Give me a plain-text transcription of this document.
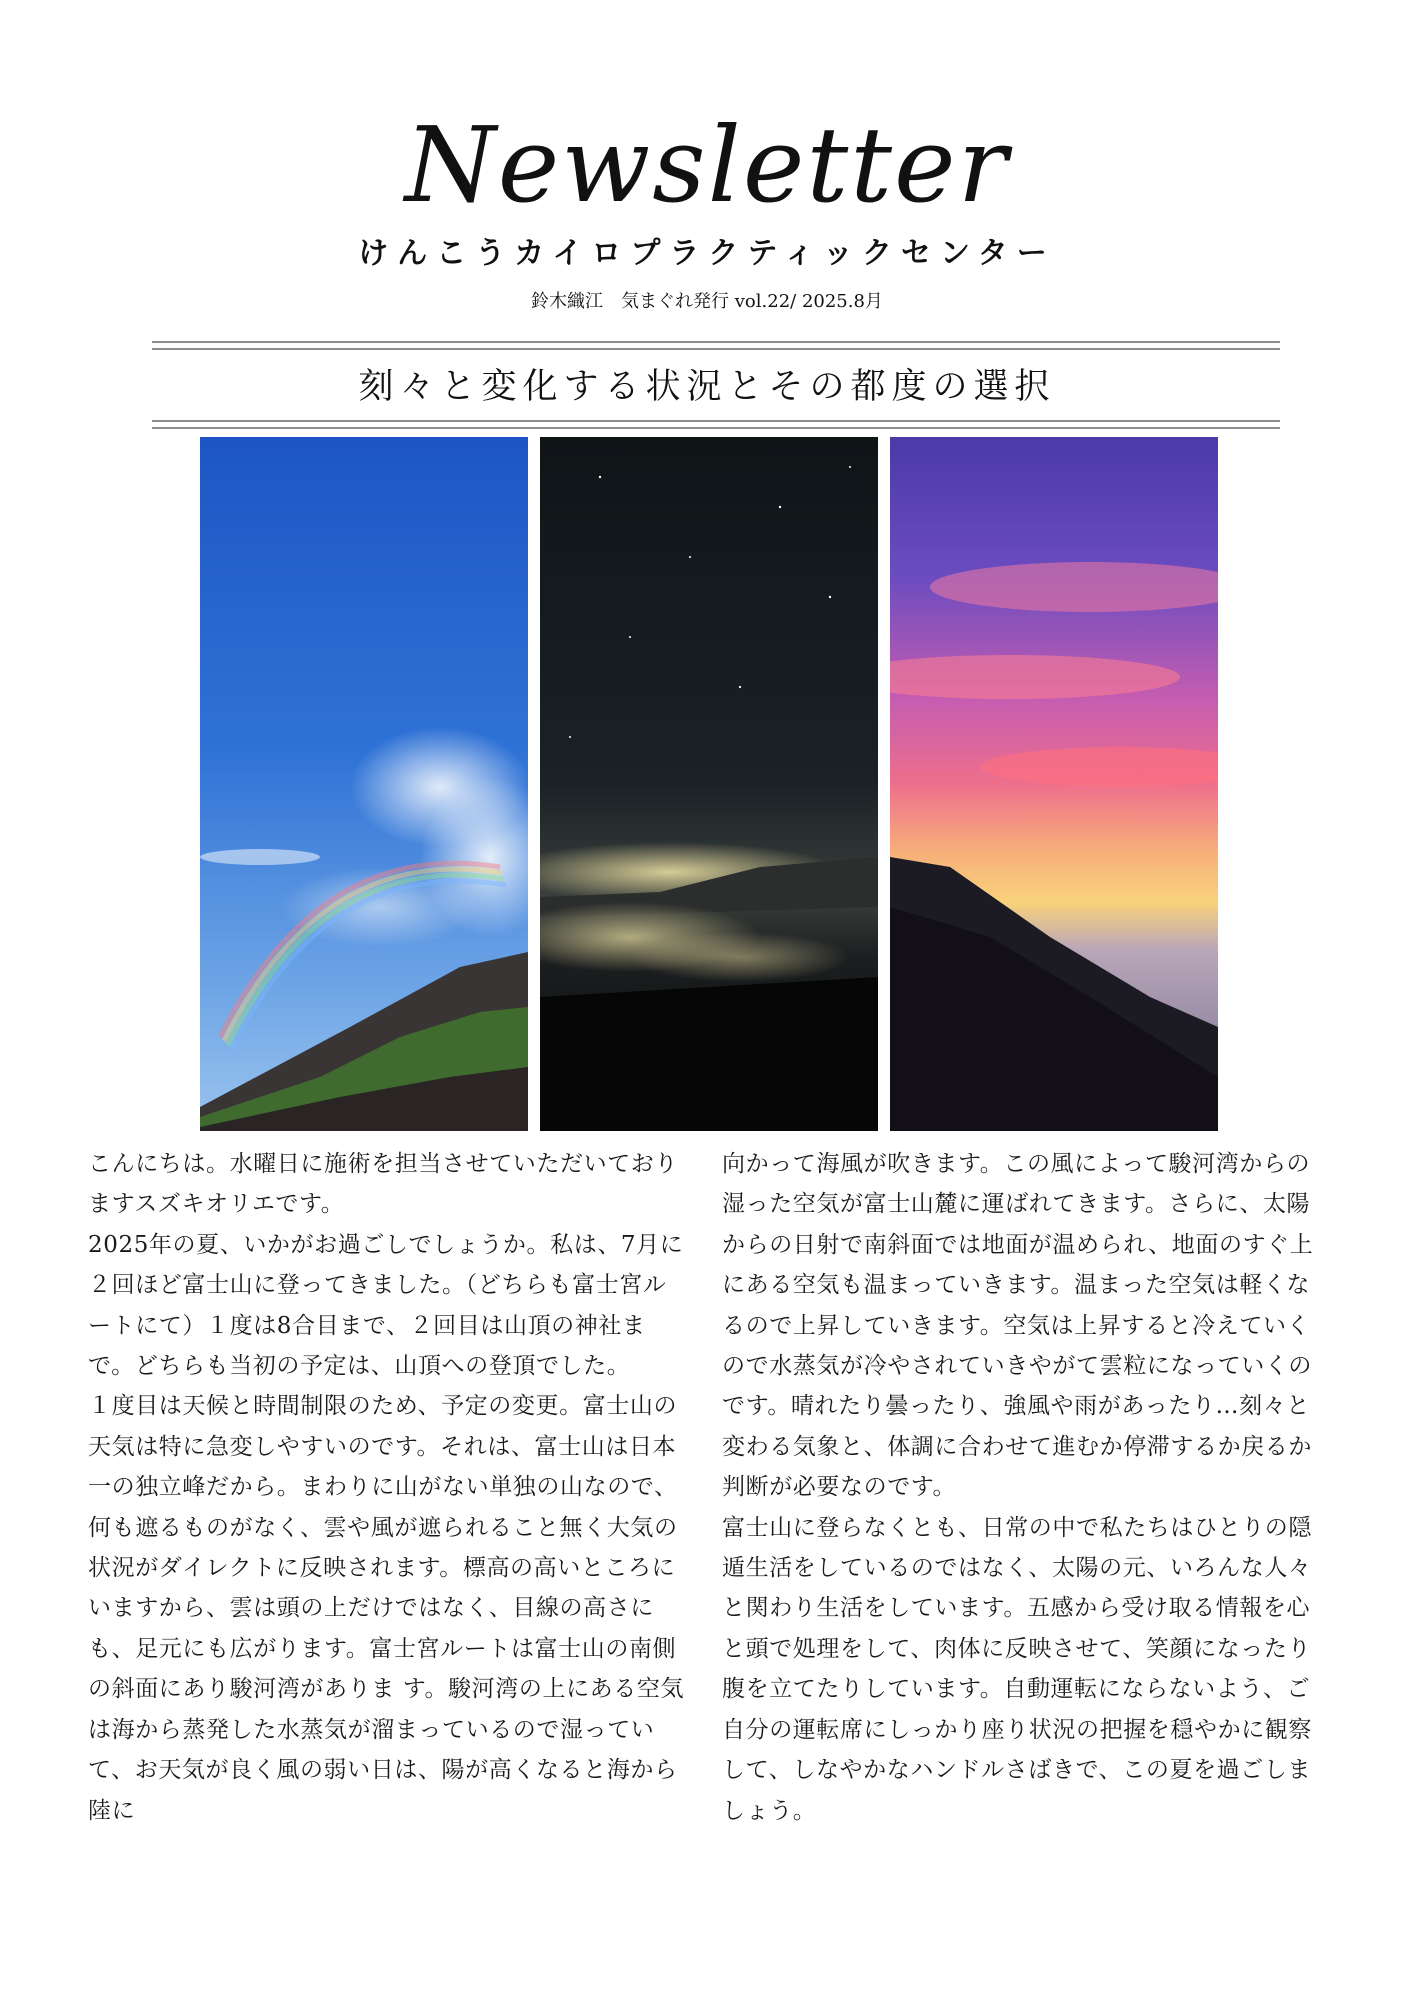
Newsletter
けんこうカイロプラクティックセンター
鈴木織江　気まぐれ発行 vol.22/ 2025.8月
刻々と変化する状況とその都度の選択

こんにちは。水曜日に施術を担当させていただいておりますスズキオリエです。

2025年の夏、いかがお過ごしでしょうか。私は、7月に２回ほど富士山に登ってきました。（どちらも富士宮ルートにて）１度は8合目まで、２回目は山頂の神社まで。どちらも当初の予定は、山頂への登頂でした。

１度目は天候と時間制限のため、予定の変更。富士山の天気は特に急変しやすいのです。それは、富士山は日本一の独立峰だから。まわりに山がない単独の山なので、何も遮るものがなく、雲や風が遮られること無く大気の状況がダイレクトに反映されます。標高の高いところにいますから、雲は頭の上だけではなく、目線の高さにも、足元にも広がります。富士宮ルートは富士山の南側の斜面にあり駿河湾がありま す。駿河湾の上にある空気は海から蒸発した水蒸気が溜まっているので湿っていて、お天気が良く風の弱い日は、陽が高くなると海から陸に

向かって海風が吹きます。この風によって駿河湾からの湿った空気が富士山麓に運ばれてきます。さらに、太陽からの日射で南斜面では地面が温められ、地面のすぐ上にある空気も温まっていきます。温まった空気は軽くなるので上昇していきます。空気は上昇すると冷えていくので水蒸気が冷やされていきやがて雲粒になっていくのです。晴れたり曇ったり、強風や雨があったり…刻々と変わる気象と、体調に合わせて進むか停滞するか戻るか判断が必要なのです。

富士山に登らなくとも、日常の中で私たちはひとりの隠遁生活をしているのではなく、太陽の元、いろんな人々と関わり生活をしています。五感から受け取る情報を心と頭で処理をして、肉体に反映させて、笑顔になったり腹を立てたりしています。自動運転にならないよう、ご自分の運転席にしっかり座り状況の把握を穏やかに観察して、しなやかなハンドルさばきで、この夏を過ごしましょう。
